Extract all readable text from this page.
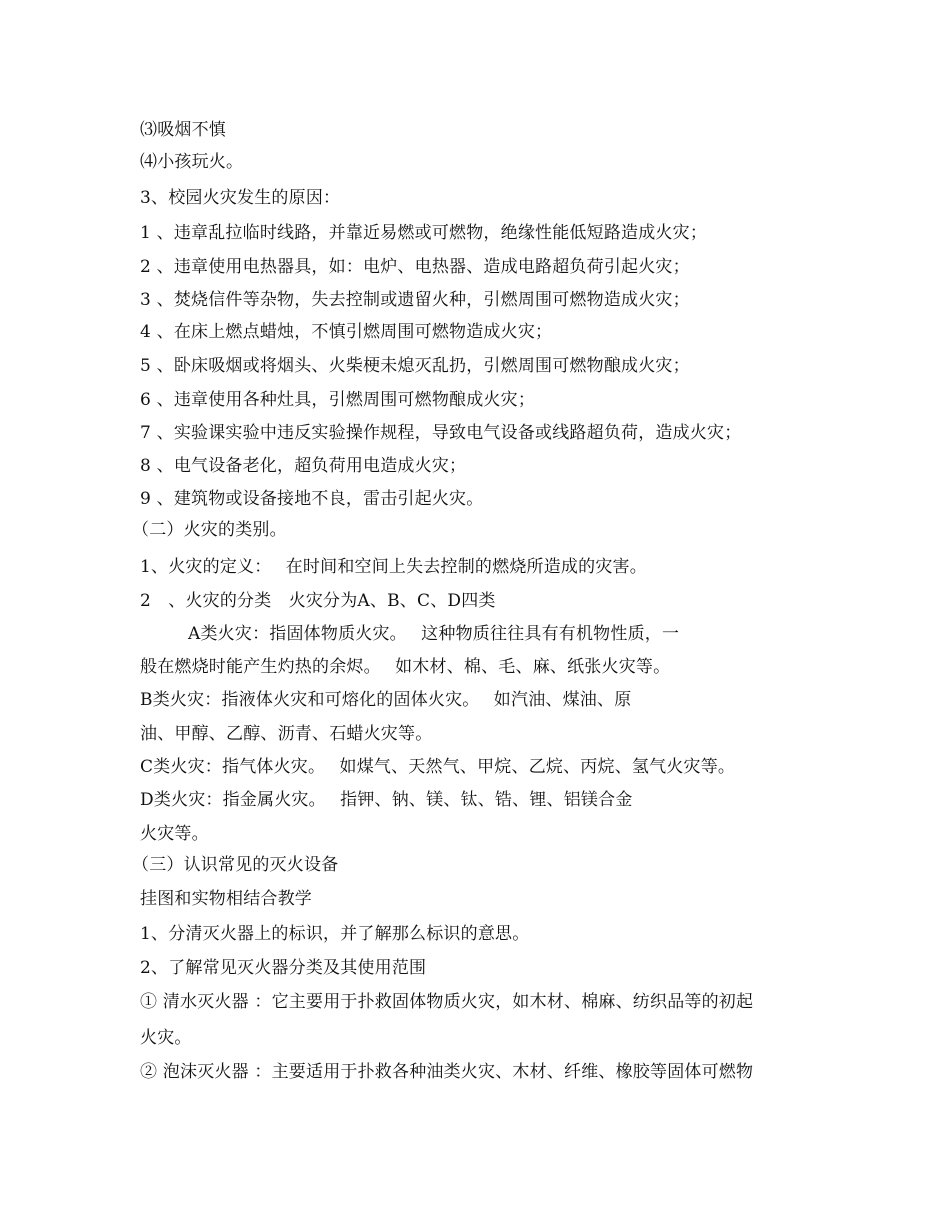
⑶吸烟不慎
⑷小孩玩火。
3、校园火灾发生的原因：
1 、违章乱拉临时线路，并靠近易燃或可燃物，绝缘性能低短路造成火灾；
2 、违章使用电热器具，如：电炉、电热器、造成电路超负荷引起火灾；
3 、焚烧信件等杂物，失去控制或遗留火种，引燃周围可燃物造成火灾；
4 、在床上燃点蜡烛，不慎引燃周围可燃物造成火灾；
5 、卧床吸烟或将烟头、火柴梗未熄灭乱扔，引燃周围可燃物酿成火灾；
6 、违章使用各种灶具，引燃周围可燃物酿成火灾；
7 、实验课实验中违反实验操作规程，导致电气设备或线路超负荷，造成火灾；
8 、电气设备老化，超负荷用电造成火灾；
9 、建筑物或设备接地不良，雷击引起火灾。
（二）火灾的类别。
1、火灾的定义：　 在时间和空间上失去控制的燃烧所造成的灾害。
2　、火灾的分类　火灾分为A、B、C、D四类
A类火灾：指固体物质火灾。　 这种物质往往具有有机物性质，一
般在燃烧时能产生灼热的余烬。　 如木材、棉、毛、麻、纸张火灾等。
B类火灾：指液体火灾和可熔化的固体火灾。　 如汽油、煤油、原
油、甲醇、乙醇、沥青、石蜡火灾等。
C类火灾：指气体火灾。　 如煤气、天然气、甲烷、乙烷、丙烷、氢气火灾等。
D类火灾：指金属火灾。　 指钾、钠、镁、钛、锆、锂、铝镁合金
火灾等。
（三）认识常见的灭火设备
挂图和实物相结合教学
1、分清灭火器上的标识，并了解那么标识的意思。
2、了解常见灭火器分类及其使用范围
① 清水灭火器 ：它主要用于扑救固体物质火灾，如木材、棉麻、纺织品等的初起
火灾。
② 泡沫灭火器 ：主要适用于扑救各种油类火灾、木材、纤维、橡胶等固体可燃物
